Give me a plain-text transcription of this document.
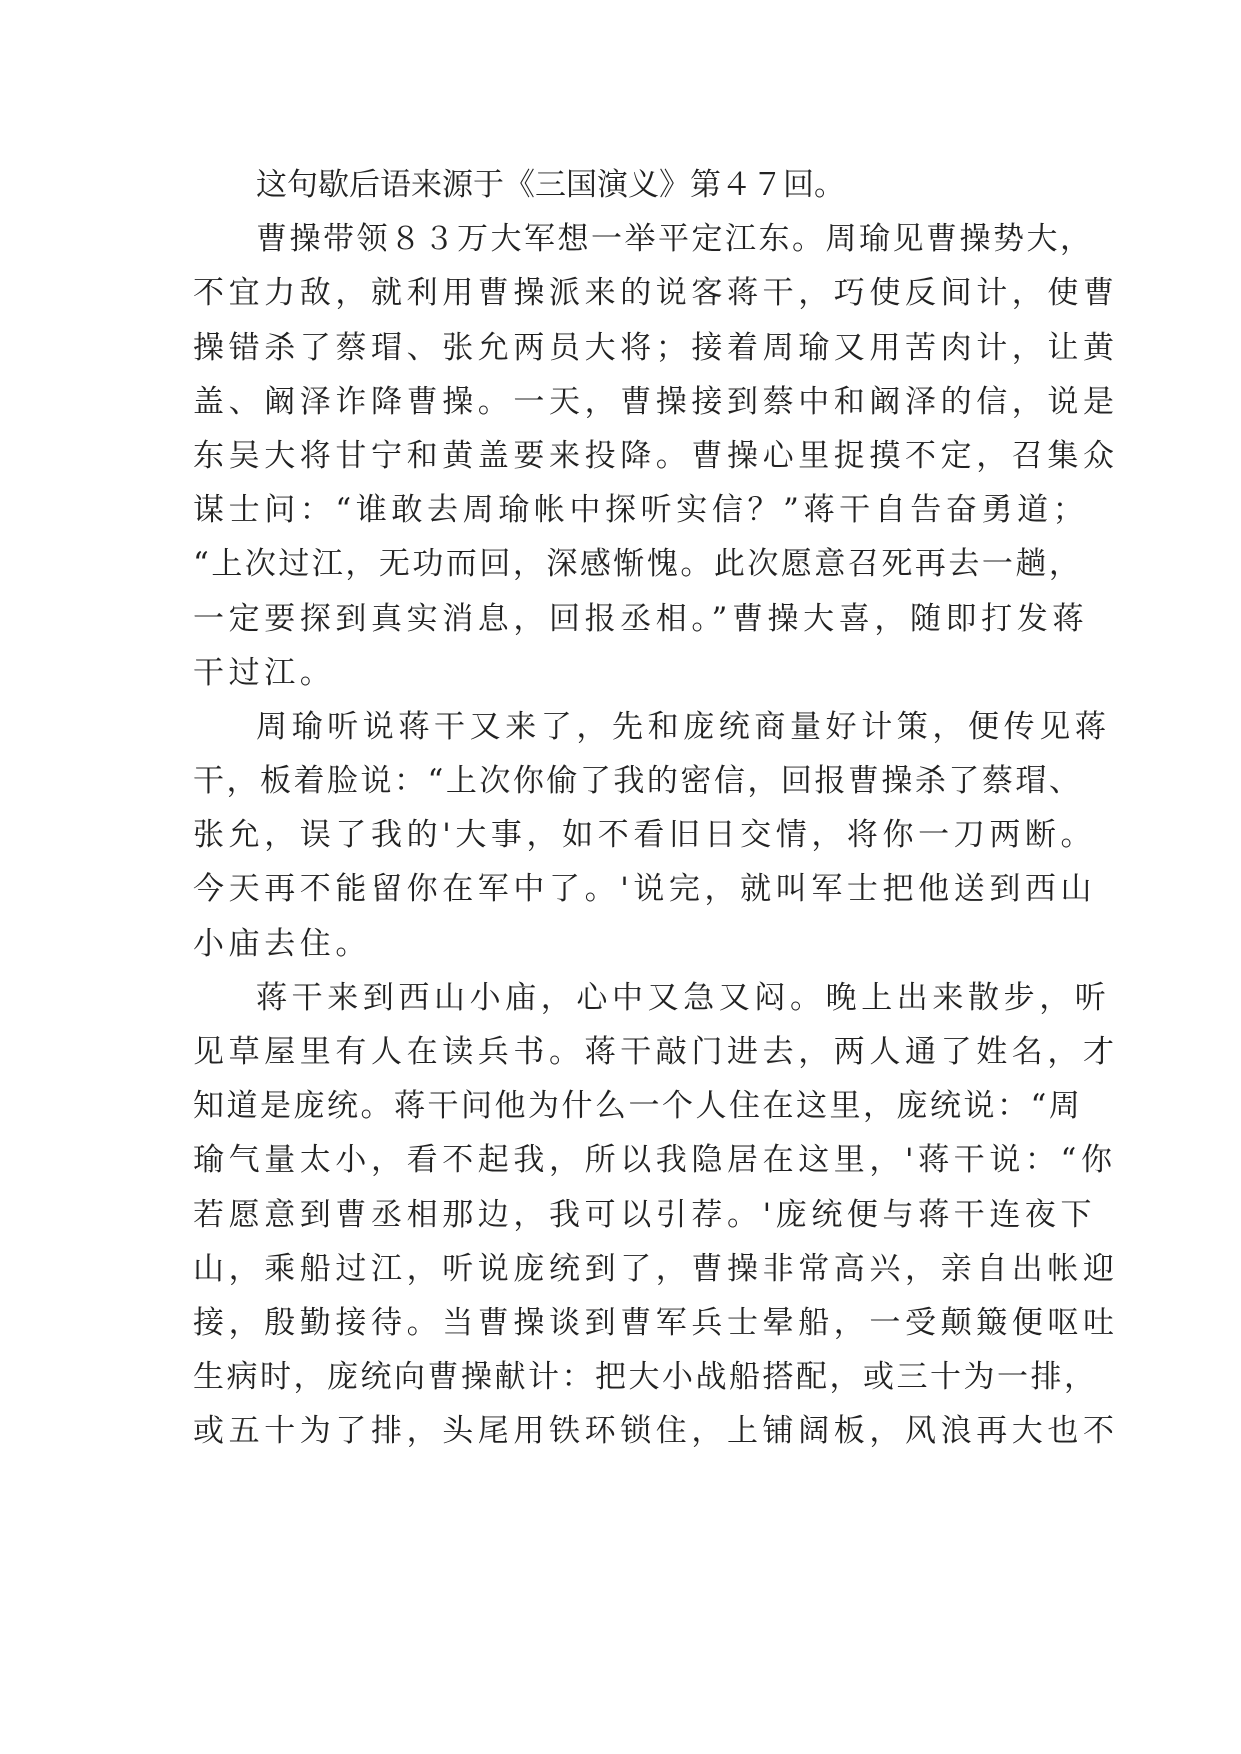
这句歇后语来源于《三国演义》第４７回。
曹操带领８３万大军想一举平定江东。周瑜见曹操势大，
不宜力敌，就利用曹操派来的说客蒋干，巧使反间计，使曹
操错杀了蔡瑁、张允两员大将；接着周瑜又用苦肉计，让黄
盖、阚泽诈降曹操。一天，曹操接到蔡中和阚泽的信，说是
东吴大将甘宁和黄盖要来投降。曹操心里捉摸不定，召集众
谋士问：“谁敢去周瑜帐中探听实信？”蒋干自告奋勇道；
“上次过江，无功而回，深感惭愧。此次愿意召死再去一趟，
一定要探到真实消息，回报丞相。”曹操大喜，随即打发蒋
干过江。
周瑜听说蒋干又来了，先和庞统商量好计策，便传见蒋
干，板着脸说：“上次你偷了我的密信，回报曹操杀了蔡瑁、
张允，误了我的'大事，如不看旧日交情，将你一刀两断。
今天再不能留你在军中了。'说完，就叫军士把他送到西山
小庙去住。
蒋干来到西山小庙，心中又急又闷。晚上出来散步，听
见草屋里有人在读兵书。蒋干敲门进去，两人通了姓名，才
知道是庞统。蒋干问他为什么一个人住在这里，庞统说：“周
瑜气量太小，看不起我，所以我隐居在这里，'蒋干说：“你
若愿意到曹丞相那边，我可以引荐。'庞统便与蒋干连夜下
山，乘船过江，听说庞统到了，曹操非常高兴，亲自出帐迎
接，殷勤接待。当曹操谈到曹军兵士晕船，一受颠簸便呕吐
生病时，庞统向曹操献计：把大小战船搭配，或三十为一排，
或五十为了排，头尾用铁环锁住，上铺阔板，风浪再大也不
